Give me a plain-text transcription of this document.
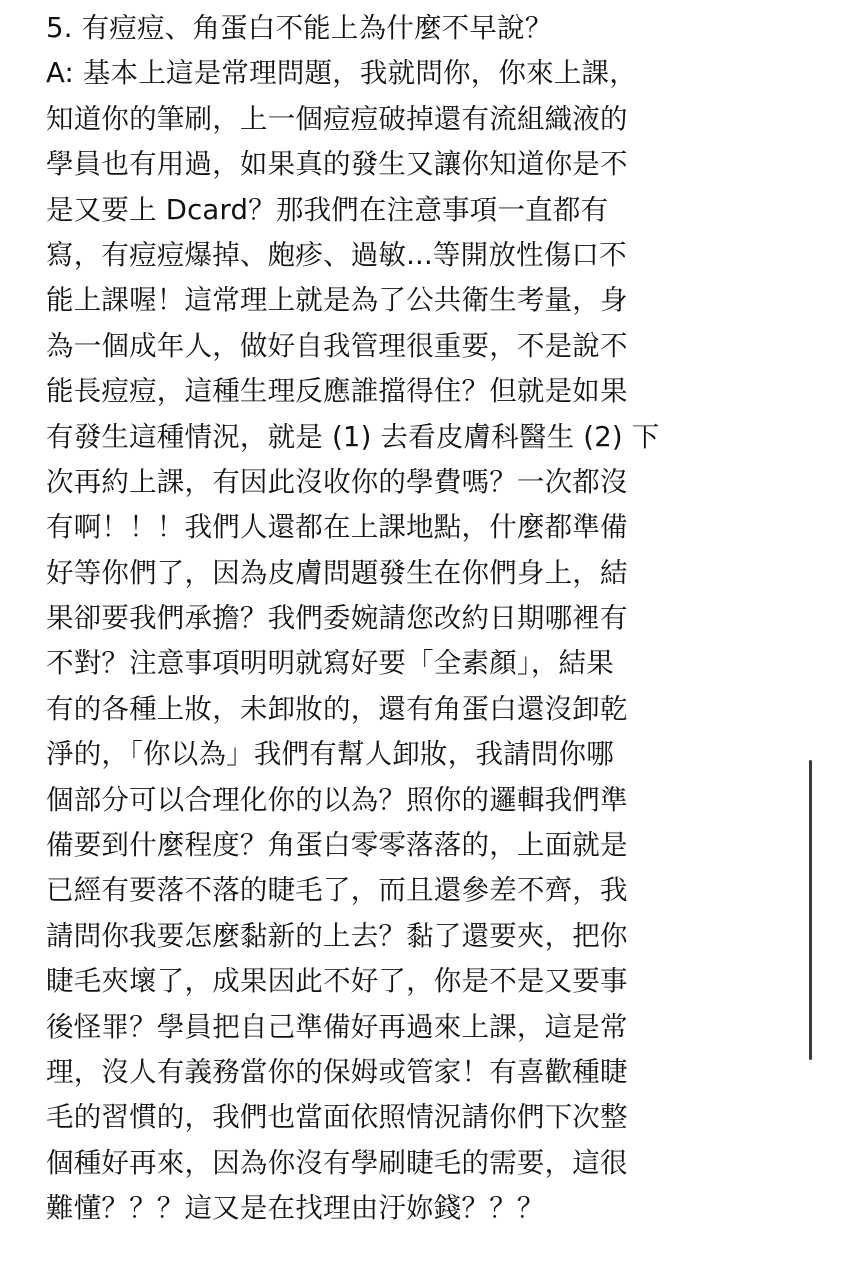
5. 有痘痘、角蛋白不能上為什麼不早說？
A: 基本上這是常理問題，我就問你，你來上課，
知道你的筆刷，上一個痘痘破掉還有流組織液的
學員也有用過，如果真的發生又讓你知道你是不
是又要上 Dcard？那我們在注意事項一直都有
寫，有痘痘爆掉、皰疹、過敏...等開放性傷口不
能上課喔！這常理上就是為了公共衛生考量，身
為一個成年人，做好自我管理很重要，不是說不
能長痘痘，這種生理反應誰擋得住？但就是如果
有發生這種情況，就是 (1) 去看皮膚科醫生 (2) 下
次再約上課，有因此沒收你的學費嗎？一次都沒
有啊！！！我們人還都在上課地點，什麼都準備
好等你們了，因為皮膚問題發生在你們身上，結
果卻要我們承擔？我們委婉請您改約日期哪裡有
不對？注意事項明明就寫好要「全素顏」，結果
有的各種上妝，未卸妝的，還有角蛋白還沒卸乾
淨的，「你以為」我們有幫人卸妝，我請問你哪
個部分可以合理化你的以為？照你的邏輯我們準
備要到什麼程度？角蛋白零零落落的，上面就是
已經有要落不落的睫毛了，而且還參差不齊，我
請問你我要怎麼黏新的上去？黏了還要夾，把你
睫毛夾壞了，成果因此不好了，你是不是又要事
後怪罪？學員把自己準備好再過來上課，這是常
理，沒人有義務當你的保姆或管家！有喜歡種睫
毛的習慣的，我們也當面依照情況請你們下次整
個種好再來，因為你沒有學刷睫毛的需要，這很
難懂？？？這又是在找理由汙妳錢？？？
